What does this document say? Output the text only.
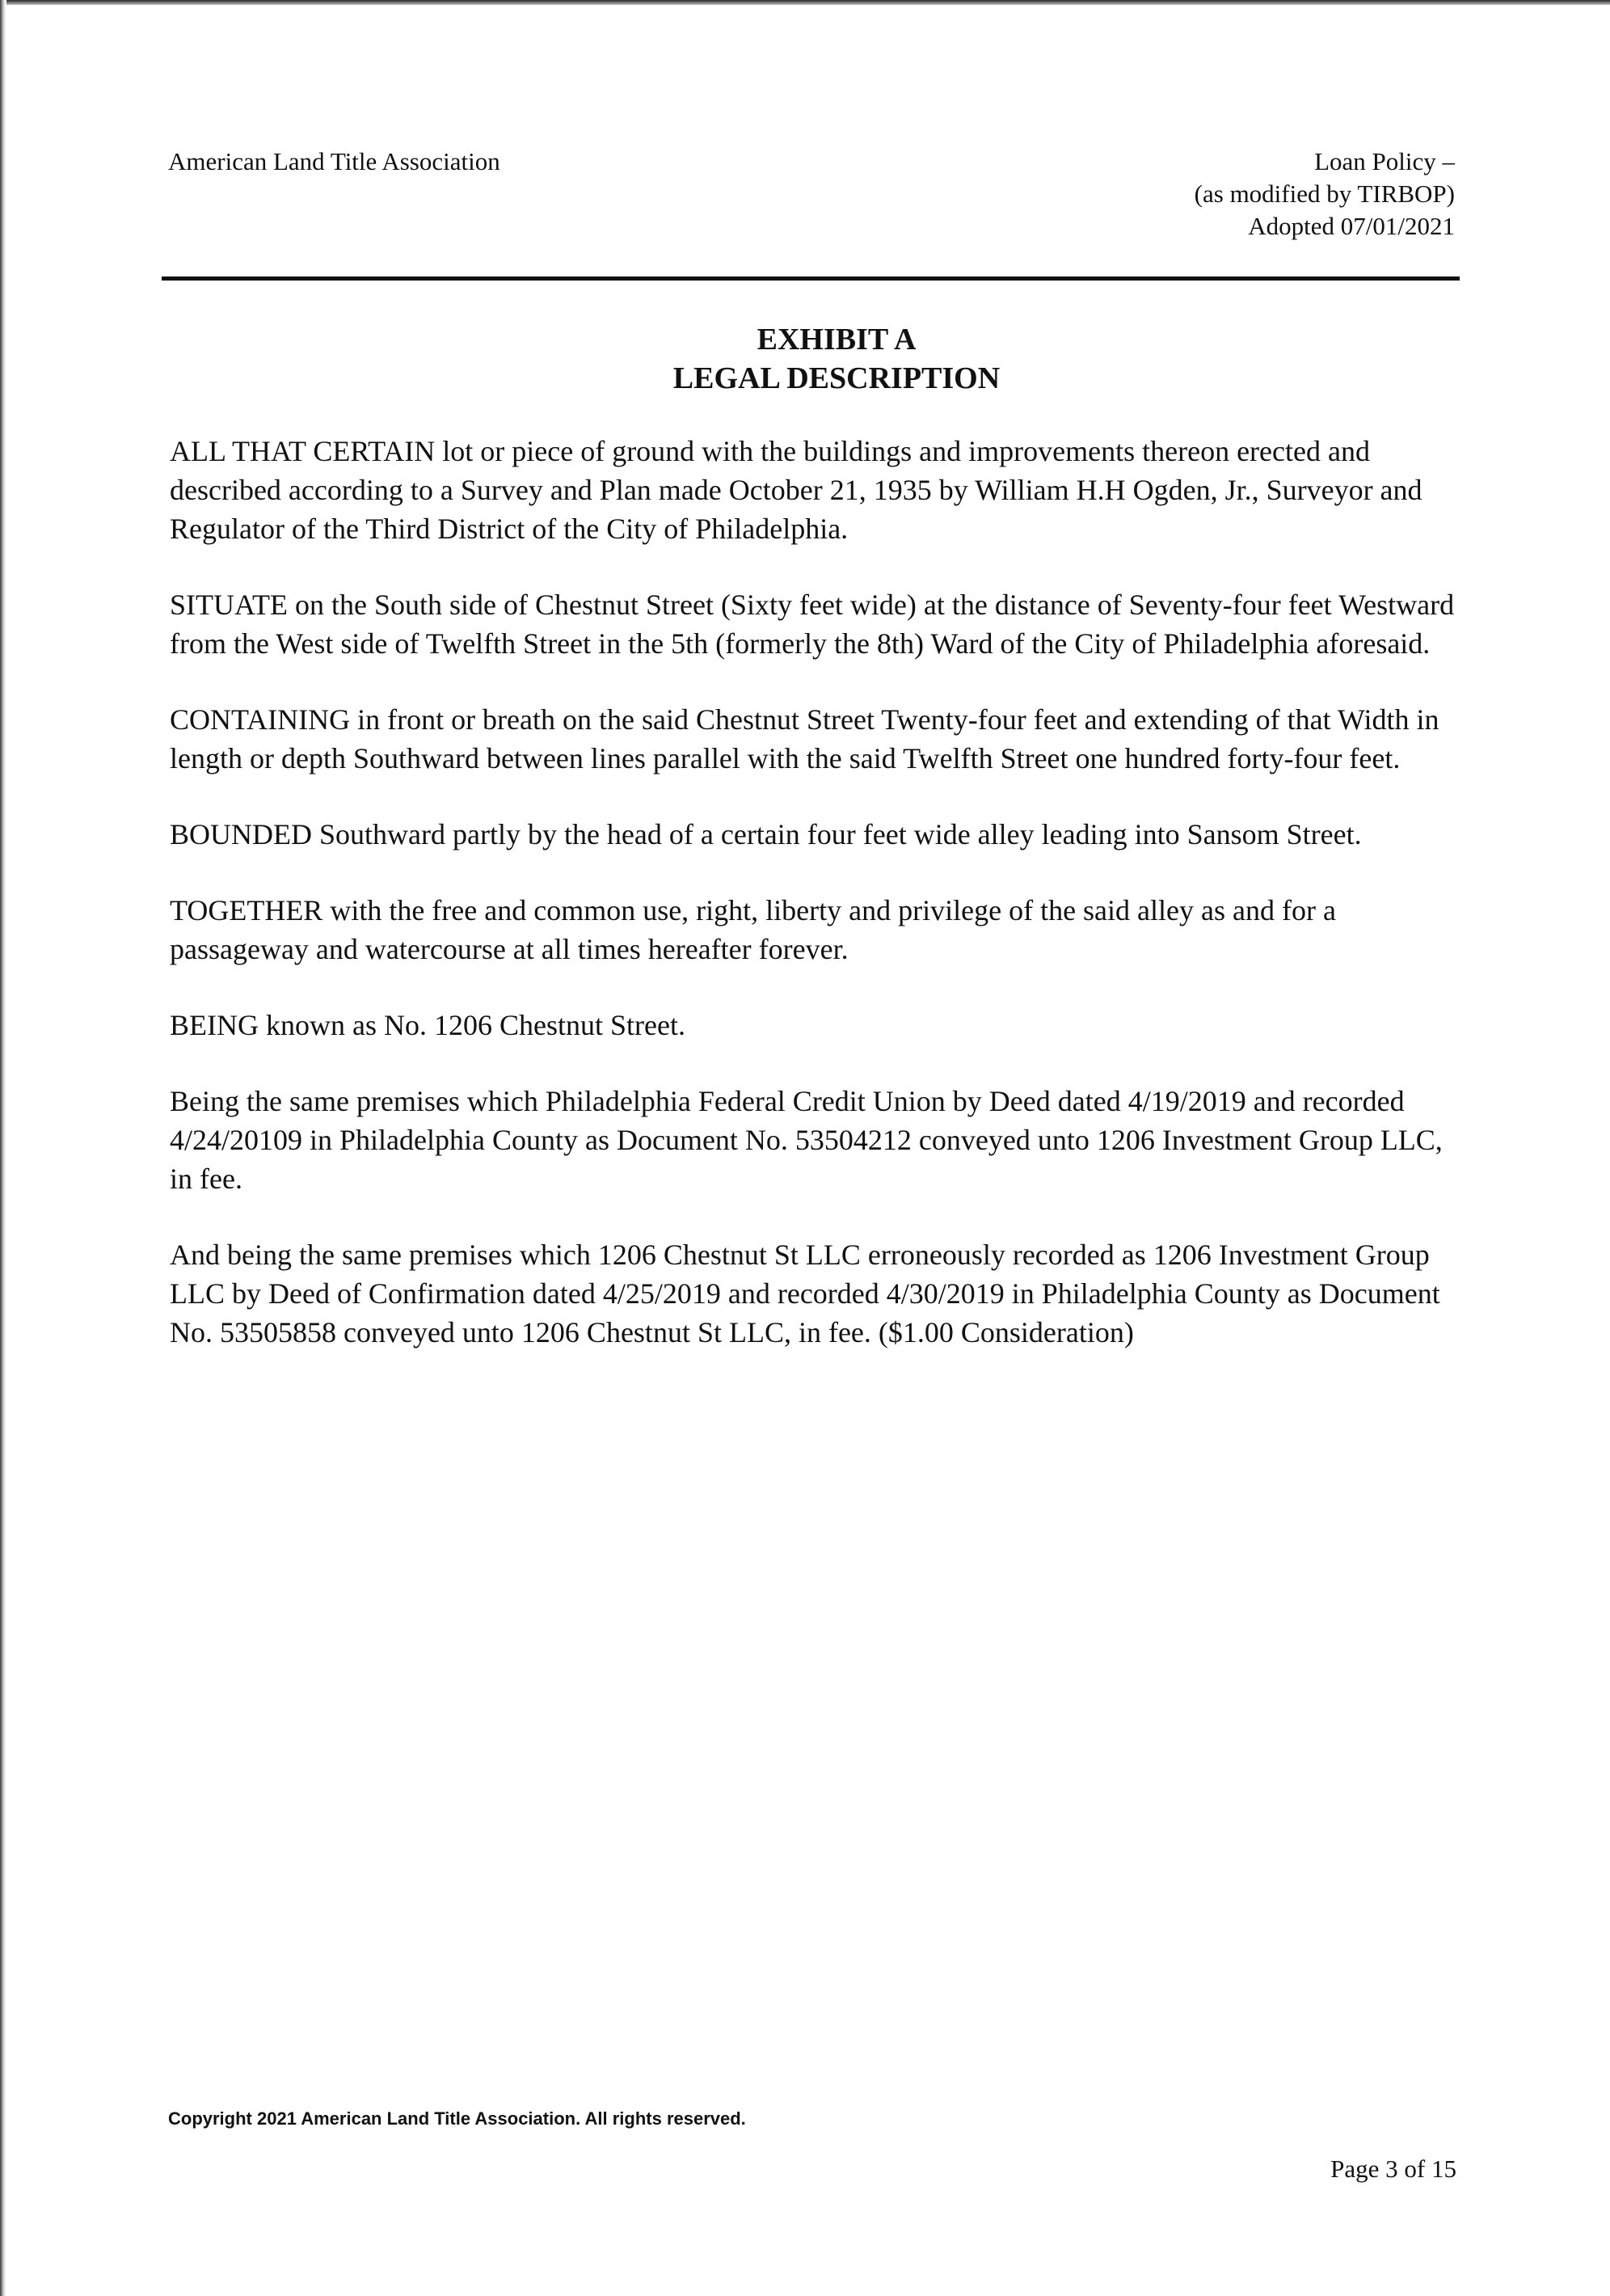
American Land Title Association	Loan Policy –
(as modified by TIRBOP)
Adopted 07/01/2021
EXHIBIT A
LEGAL DESCRIPTION

ALL THAT CERTAIN lot or piece of ground with the buildings and improvements thereon erected and described according to a Survey and Plan made October 21, 1935 by William H.H Ogden, Jr., Surveyor and Regulator of the Third District of the City of Philadelphia.

SITUATE on the South side of Chestnut Street (Sixty feet wide) at the distance of Seventy-four feet Westward from the West side of Twelfth Street in the 5th (formerly the 8th) Ward of the City of Philadelphia aforesaid.

CONTAINING in front or breath on the said Chestnut Street Twenty-four feet and extending of that Width in length or depth Southward between lines parallel with the said Twelfth Street one hundred forty-four feet.

BOUNDED Southward partly by the head of a certain four feet wide alley leading into Sansom Street.

TOGETHER with the free and common use, right, liberty and privilege of the said alley as and for a passageway and watercourse at all times hereafter forever.

BEING known as No. 1206 Chestnut Street.

Being the same premises which Philadelphia Federal Credit Union by Deed dated 4/19/2019 and recorded 4/24/20109 in Philadelphia County as Document No. 53504212 conveyed unto 1206 Investment Group LLC, in fee.

And being the same premises which 1206 Chestnut St LLC erroneously recorded as 1206 Investment Group LLC by Deed of Confirmation dated 4/25/2019 and recorded 4/30/2019 in Philadelphia County as Document No. 53505858 conveyed unto 1206 Chestnut St LLC, in fee. ($1.00 Consideration)

Copyright 2021 American Land Title Association. All rights reserved.
Page 3 of 15
